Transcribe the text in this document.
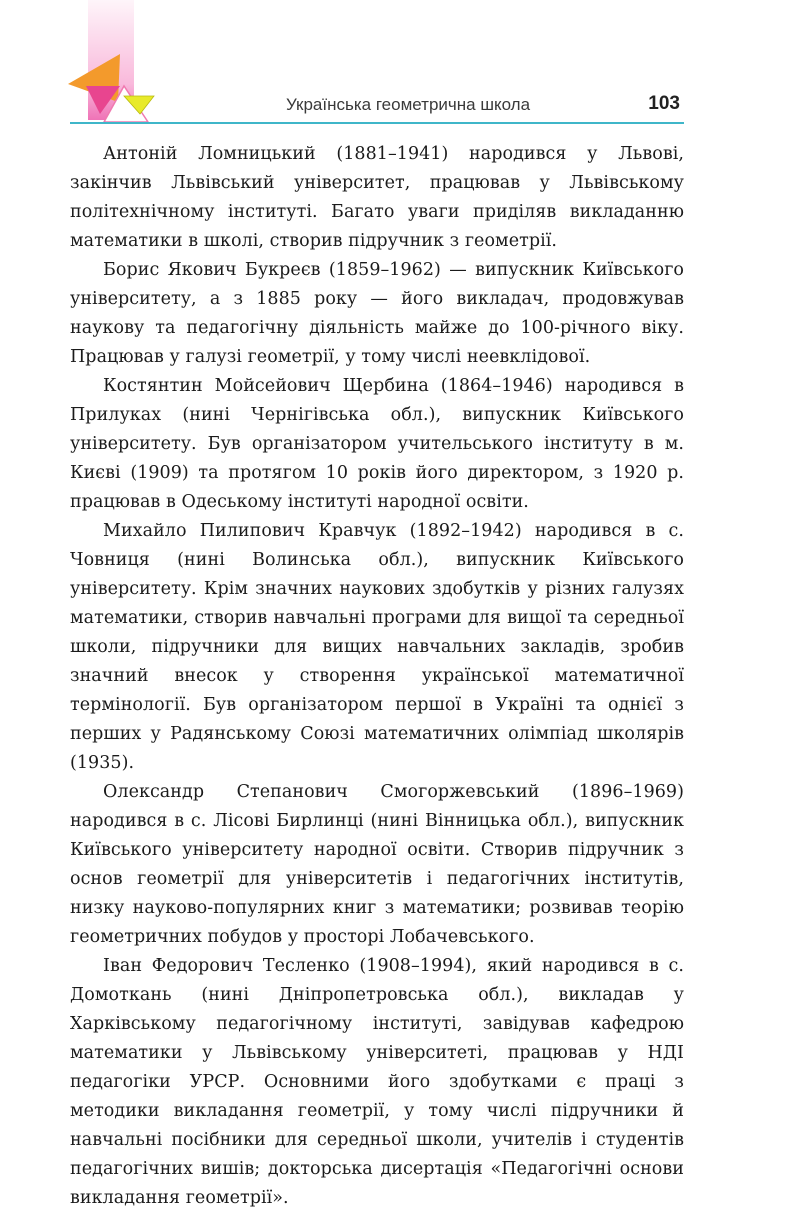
Українська геометрична школа	103

Антоній Ломницький (1881–1941) народився у Львові, закінчив Львівський університет, працював у Львівському політехнічному інституті. Багато уваги приділяв викладанню математики в школі, створив підручник з геометрії.

Борис Якович Букреєв (1859–1962) — випускник Київського університету, а з 1885 року — його викладач, продовжував наукову та педагогічну діяльність майже до 100-річного віку. Працював у галузі геометрії, у тому числі неевклідової.

Костянтин Мойсейович Щербина (1864–1946) народився в Прилуках (нині Чернігівська обл.), випускник Київського університету. Був організатором учительського інституту в м. Києві (1909) та протягом 10 років його директором, з 1920 р. працював в Одеському інституті народної освіти.

Михайло Пилипович Кравчук (1892–1942) народився в с. Човниця (нині Волинська обл.), випускник Київського університету. Крім значних наукових здобутків у різних галузях математики, створив навчальні програми для вищої та середньої школи, підручники для вищих навчальних закладів, зробив значний внесок у створення української математичної термінології. Був організатором першої в Україні та однієї з перших у Радянському Союзі математичних олімпіад школярів (1935).

Олександр Степанович Смогоржевський (1896–1969) народився в с. Лісові Бирлинці (нині Вінницька обл.), випускник Київського університету народної освіти. Створив підручник з основ геометрії для університетів і педагогічних інститутів, низку науково-популярних книг з математики; розвивав теорію геометричних побудов у просторі Лобачевського.

Іван Федорович Тесленко (1908–1994), який народився в с. Домоткань (нині Дніпропетровська обл.), викладав у Харківському педагогічному інституті, завідував кафедрою математики у Львівському університеті, працював у НДІ педагогіки УРСР. Основними його здобутками є праці з методики викладання геометрії, у тому числі підручники й навчальні посібники для середньої школи, учителів і студентів педагогічних вишів; докторська дисертація «Педагогічні основи викладання геометрії».
